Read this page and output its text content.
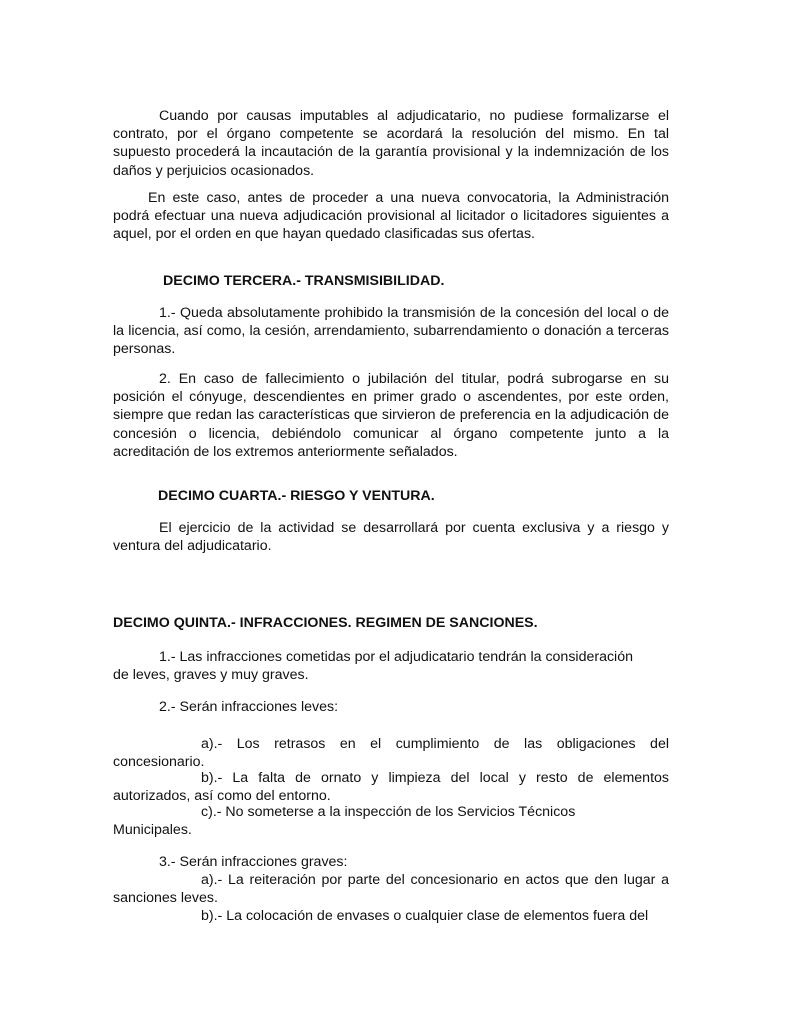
Cuando por causas imputables al adjudicatario, no pudiese formalizarse el contrato, por el órgano competente se acordará la resolución del mismo. En tal supuesto procederá la incautación de la garantía provisional y la indemnización de los daños y perjuicios ocasionados.

En este caso, antes de proceder a una nueva convocatoria, la Administración podrá efectuar una nueva adjudicación provisional al licitador o licitadores siguientes a aquel, por el orden en que hayan quedado clasificadas sus ofertas.

DECIMO TERCERA.- TRANSMISIBILIDAD.

1.- Queda absolutamente prohibido la transmisión de la concesión del local o de la licencia, así como, la cesión, arrendamiento, subarrendamiento o donación a terceras personas.

2. En caso de fallecimiento o jubilación del titular, podrá subrogarse en su posición el cónyuge, descendientes en primer grado o ascendentes, por este orden, siempre que redan las características que sirvieron de preferencia en la adjudicación de concesión o licencia, debiéndolo comunicar al órgano competente junto a la acreditación de los extremos anteriormente señalados.

DECIMO CUARTA.- RIESGO Y VENTURA.

El ejercicio de la actividad se desarrollará por cuenta exclusiva y a riesgo y ventura del adjudicatario.

DECIMO QUINTA.- INFRACCIONES. REGIMEN DE SANCIONES.

1.- Las infracciones cometidas por el adjudicatario tendrán la consideración de leves, graves y muy graves.

2.- Serán infracciones leves:

a).- Los retrasos en el cumplimiento de las obligaciones del concesionario.

b).- La falta de ornato y limpieza del local y resto de elementos autorizados, así como del entorno.

c).- No someterse a la inspección de los Servicios Técnicos Municipales.

3.- Serán infracciones graves:

a).- La reiteración por parte del concesionario en actos que den lugar a sanciones leves.

b).- La colocación de envases o cualquier clase de elementos fuera del
